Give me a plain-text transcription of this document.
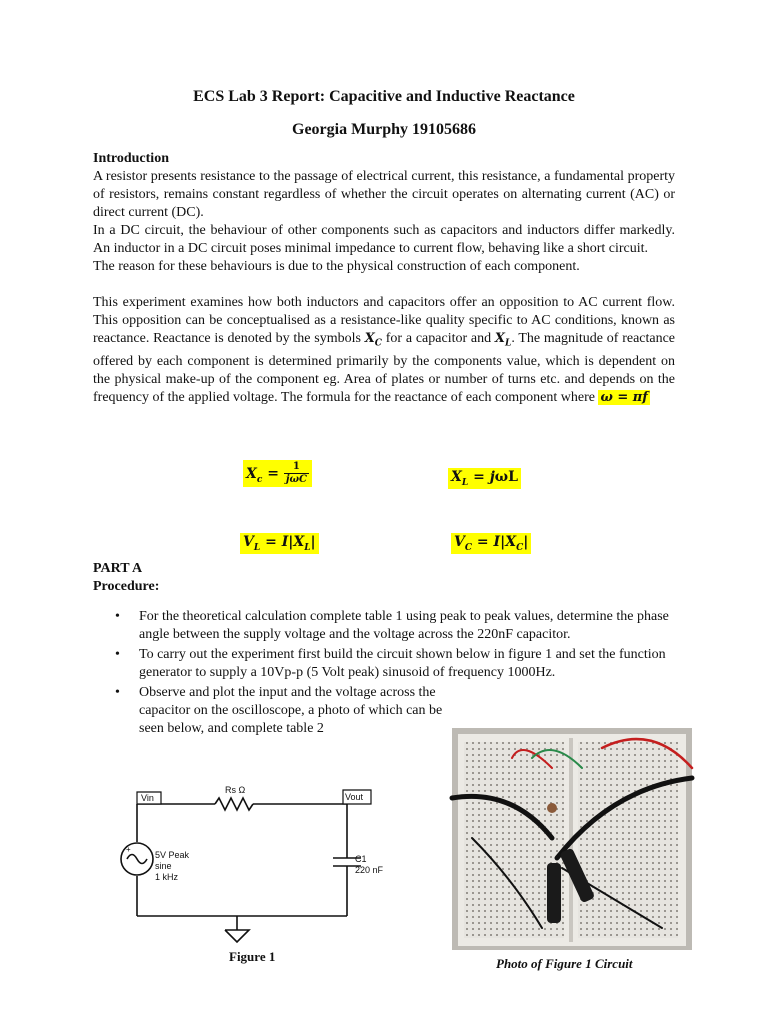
ECS Lab 3 Report: Capacitive and Inductive Reactance
Georgia Murphy 19105686
Introduction

A resistor presents resistance to the passage of electrical current, this resistance, a fundamental property of resistors, remains constant regardless of whether the circuit operates on alternating current (AC) or direct current (DC).

In a DC circuit, the behaviour of other components such as capacitors and inductors differ markedly. An inductor in a DC circuit poses minimal impedance to current flow, behaving like a short circuit.

The reason for these behaviours is due to the physical construction of each component.

This experiment examines how both inductors and capacitors offer an opposition to AC current flow. This opposition can be conceptualised as a resistance-like quality specific to AC conditions, known as reactance. Reactance is denoted by the symbols $X_C$ for a capacitor and $X_L$. The magnitude of reactance offered by each component is determined primarily by the components value, which is dependent on the physical make-up of the component eg. Area of plates or number of turns etc. and depends on the frequency of the applied voltage. The formula for the reactance of each component where ω = πf

$X_c = \frac{1}{\text{jωC}}$	$X_L = j\omega L$
$V_L = I|X_L|$	$V_C = I|X_C|$
PART A
Procedure:
• For the theoretical calculation complete table 1 using peak to peak values, determine the phase angle between the supply voltage and the voltage across the 220nF capacitor.
• To carry out the experiment first build the circuit shown below in figure 1 and set the function generator to supply a 10Vp-p (5 Volt peak) sinusoid of frequency 1000Hz.
• Observe and plot the input and the voltage across the capacitor on the oscilloscope, a photo of which can be seen below, and complete table 2
Vin	Vout
Rs Ω
+
5V Peak
sine
1 kHz
C1
220 nF
Figure 1	Photo of Figure 1 Circuit
